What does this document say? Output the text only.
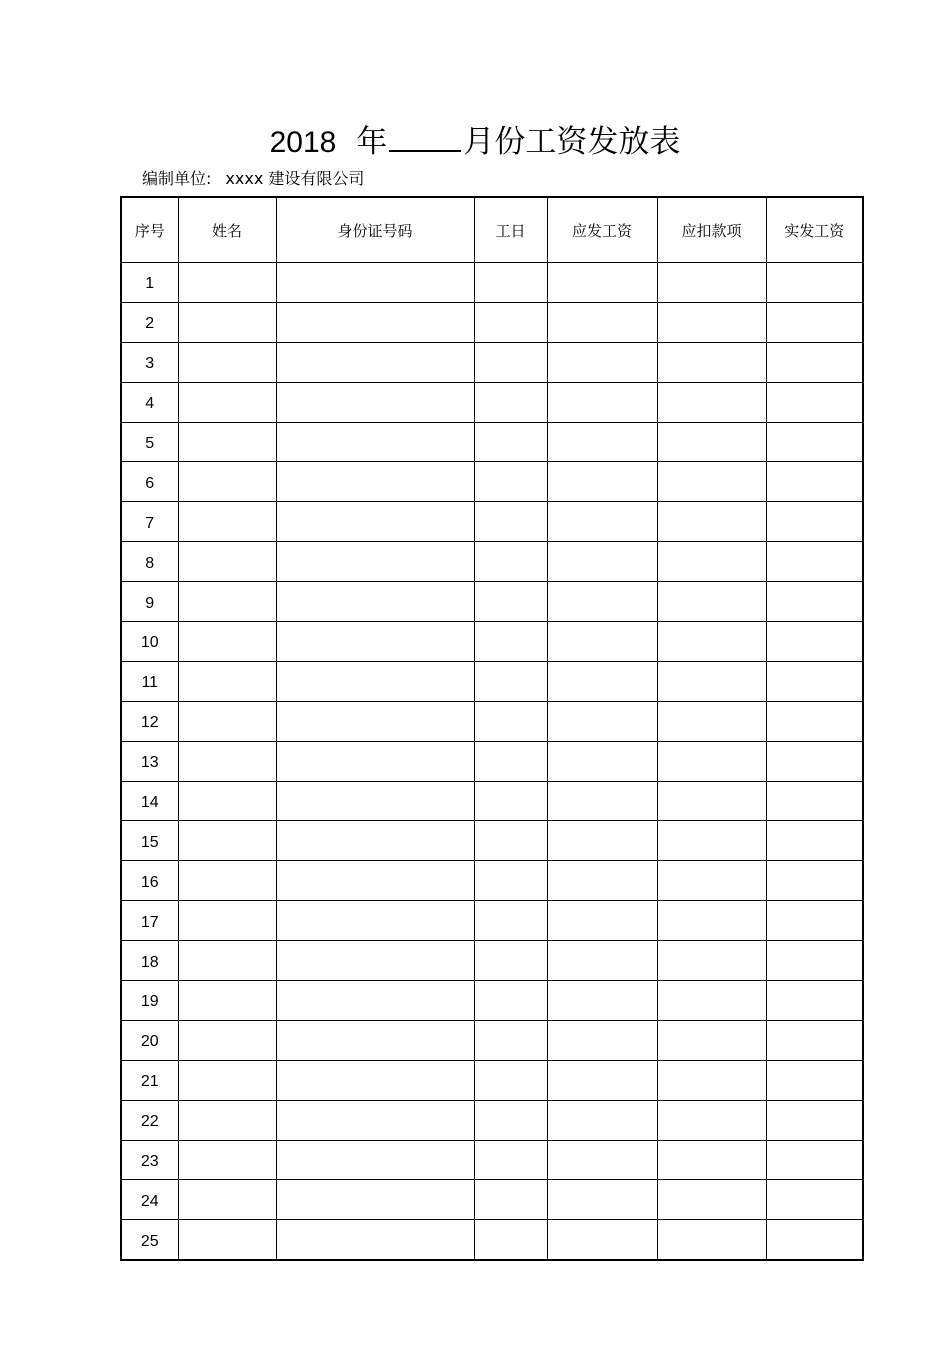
2018 年 月份工资发放表
编制单位: xxxx 建设有限公司
序号	姓名	身份证号码	工日	应发工资	应扣款项	实发工资
1						
2						
3						
4						
5						
6						
7						
8						
9						
10						
11						
12						
13						
14						
15						
16						
17						
18						
19						
20						
21						
22						
23						
24						
25						
